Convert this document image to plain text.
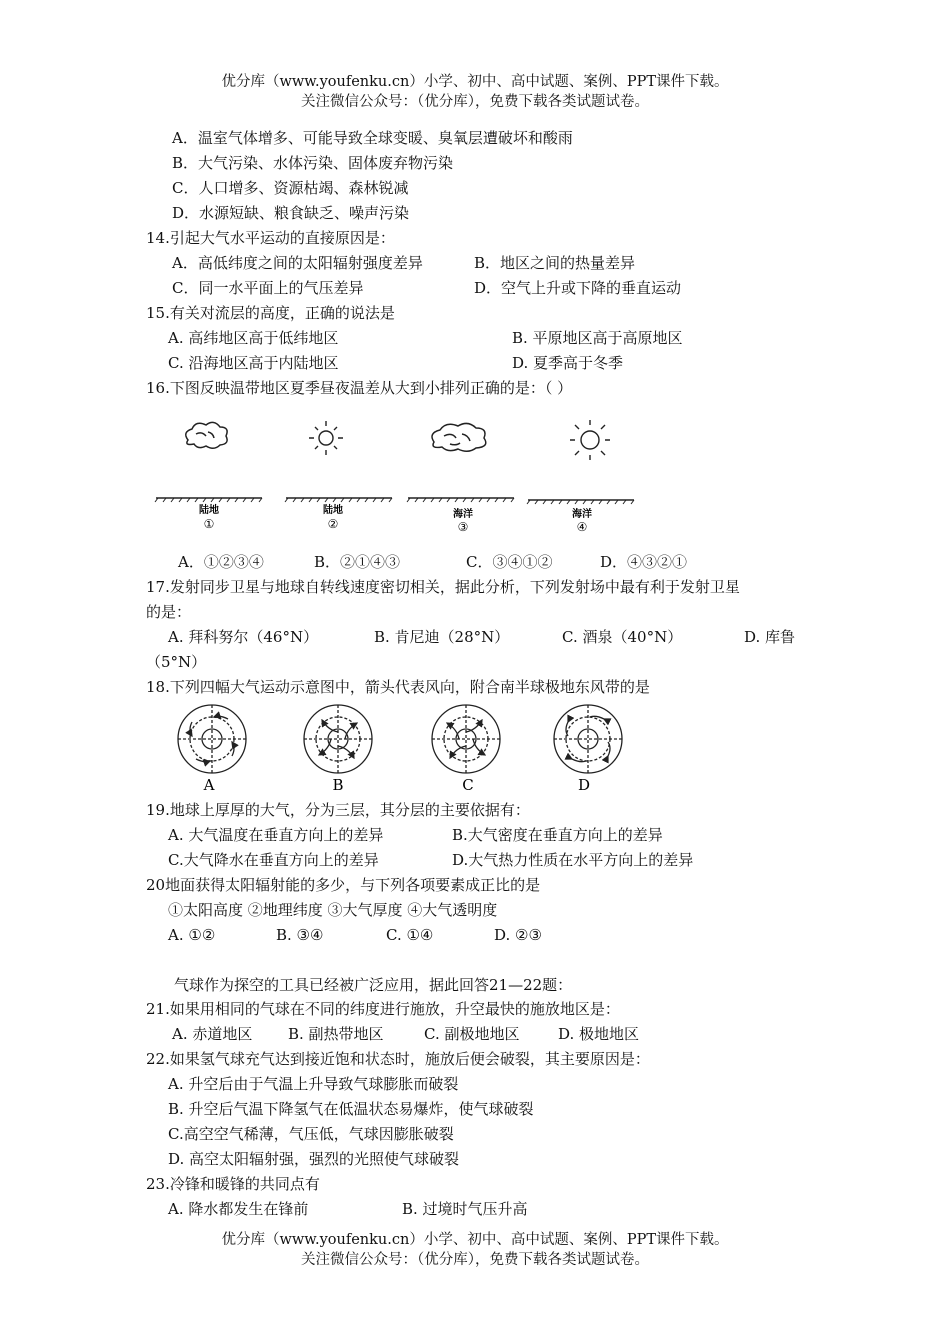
优分库（www.youfenku.cn）小学、初中、高中试题、案例、PPT课件下载。
关注微信公众号：（优分库），免费下载各类试题试卷。
A．温室气体增多、可能导致全球变暖、臭氧层遭破坏和酸雨
B．大气污染、水体污染、固体废弃物污染
C．人口增多、资源枯竭、森林锐减
D．水源短缺、粮食缺乏、噪声污染
14.引起大气水平运动的直接原因是：
A．高低纬度之间的太阳辐射强度差异	B．地区之间的热量差异
C．同一水平面上的气压差异	D．空气上升或下降的垂直运动
15.有关对流层的高度，正确的说法是
A. 高纬地区高于低纬地区	B. 平原地区高于高原地区
C. 沿海地区高于内陆地区	D. 夏季高于冬季
16.下图反映温带地区夏季昼夜温差从大到小排列正确的是：（ ）
陆地
①
陆地
②
海洋
③
海洋
④
A．①②③④	B．②①④③	C．③④①②	D．④③②①
17.发射同步卫星与地球自转线速度密切相关，据此分析，下列发射场中最有利于发射卫星
的是：
A. 拜科努尔（46°N）	B. 肯尼迪（28°N）	C. 酒泉（40°N）	D. 库鲁
（5°N）
18.下列四幅大气运动示意图中，箭头代表风向，附合南半球极地东风带的是
A	B	C	D
19.地球上厚厚的大气，分为三层，其分层的主要依据有：
A. 大气温度在垂直方向上的差异	B.大气密度在垂直方向上的差异
C.大气降水在垂直方向上的差异	D.大气热力性质在水平方向上的差异
20地面获得太阳辐射能的多少，与下列各项要素成正比的是
①太阳高度 ②地理纬度 ③大气厚度 ④大气透明度
A. ①②	B. ③④	C. ①④	D. ②③
气球作为探空的工具已经被广泛应用，据此回答21—22题：
21.如果用相同的气球在不同的纬度进行施放，升空最快的施放地区是：
A. 赤道地区 B. 副热带地区	C. 副极地地区	D. 极地地区
22.如果氢气球充气达到接近饱和状态时，施放后便会破裂，其主要原因是：
A. 升空后由于气温上升导致气球膨胀而破裂
B. 升空后气温下降氢气在低温状态易爆炸，使气球破裂
C.高空空气稀薄，气压低，气球因膨胀破裂
D. 高空太阳辐射强，强烈的光照使气球破裂
23.冷锋和暖锋的共同点有
A. 降水都发生在锋前	B. 过境时气压升高
优分库（www.youfenku.cn）小学、初中、高中试题、案例、PPT课件下载。
关注微信公众号：（优分库），免费下载各类试题试卷。
